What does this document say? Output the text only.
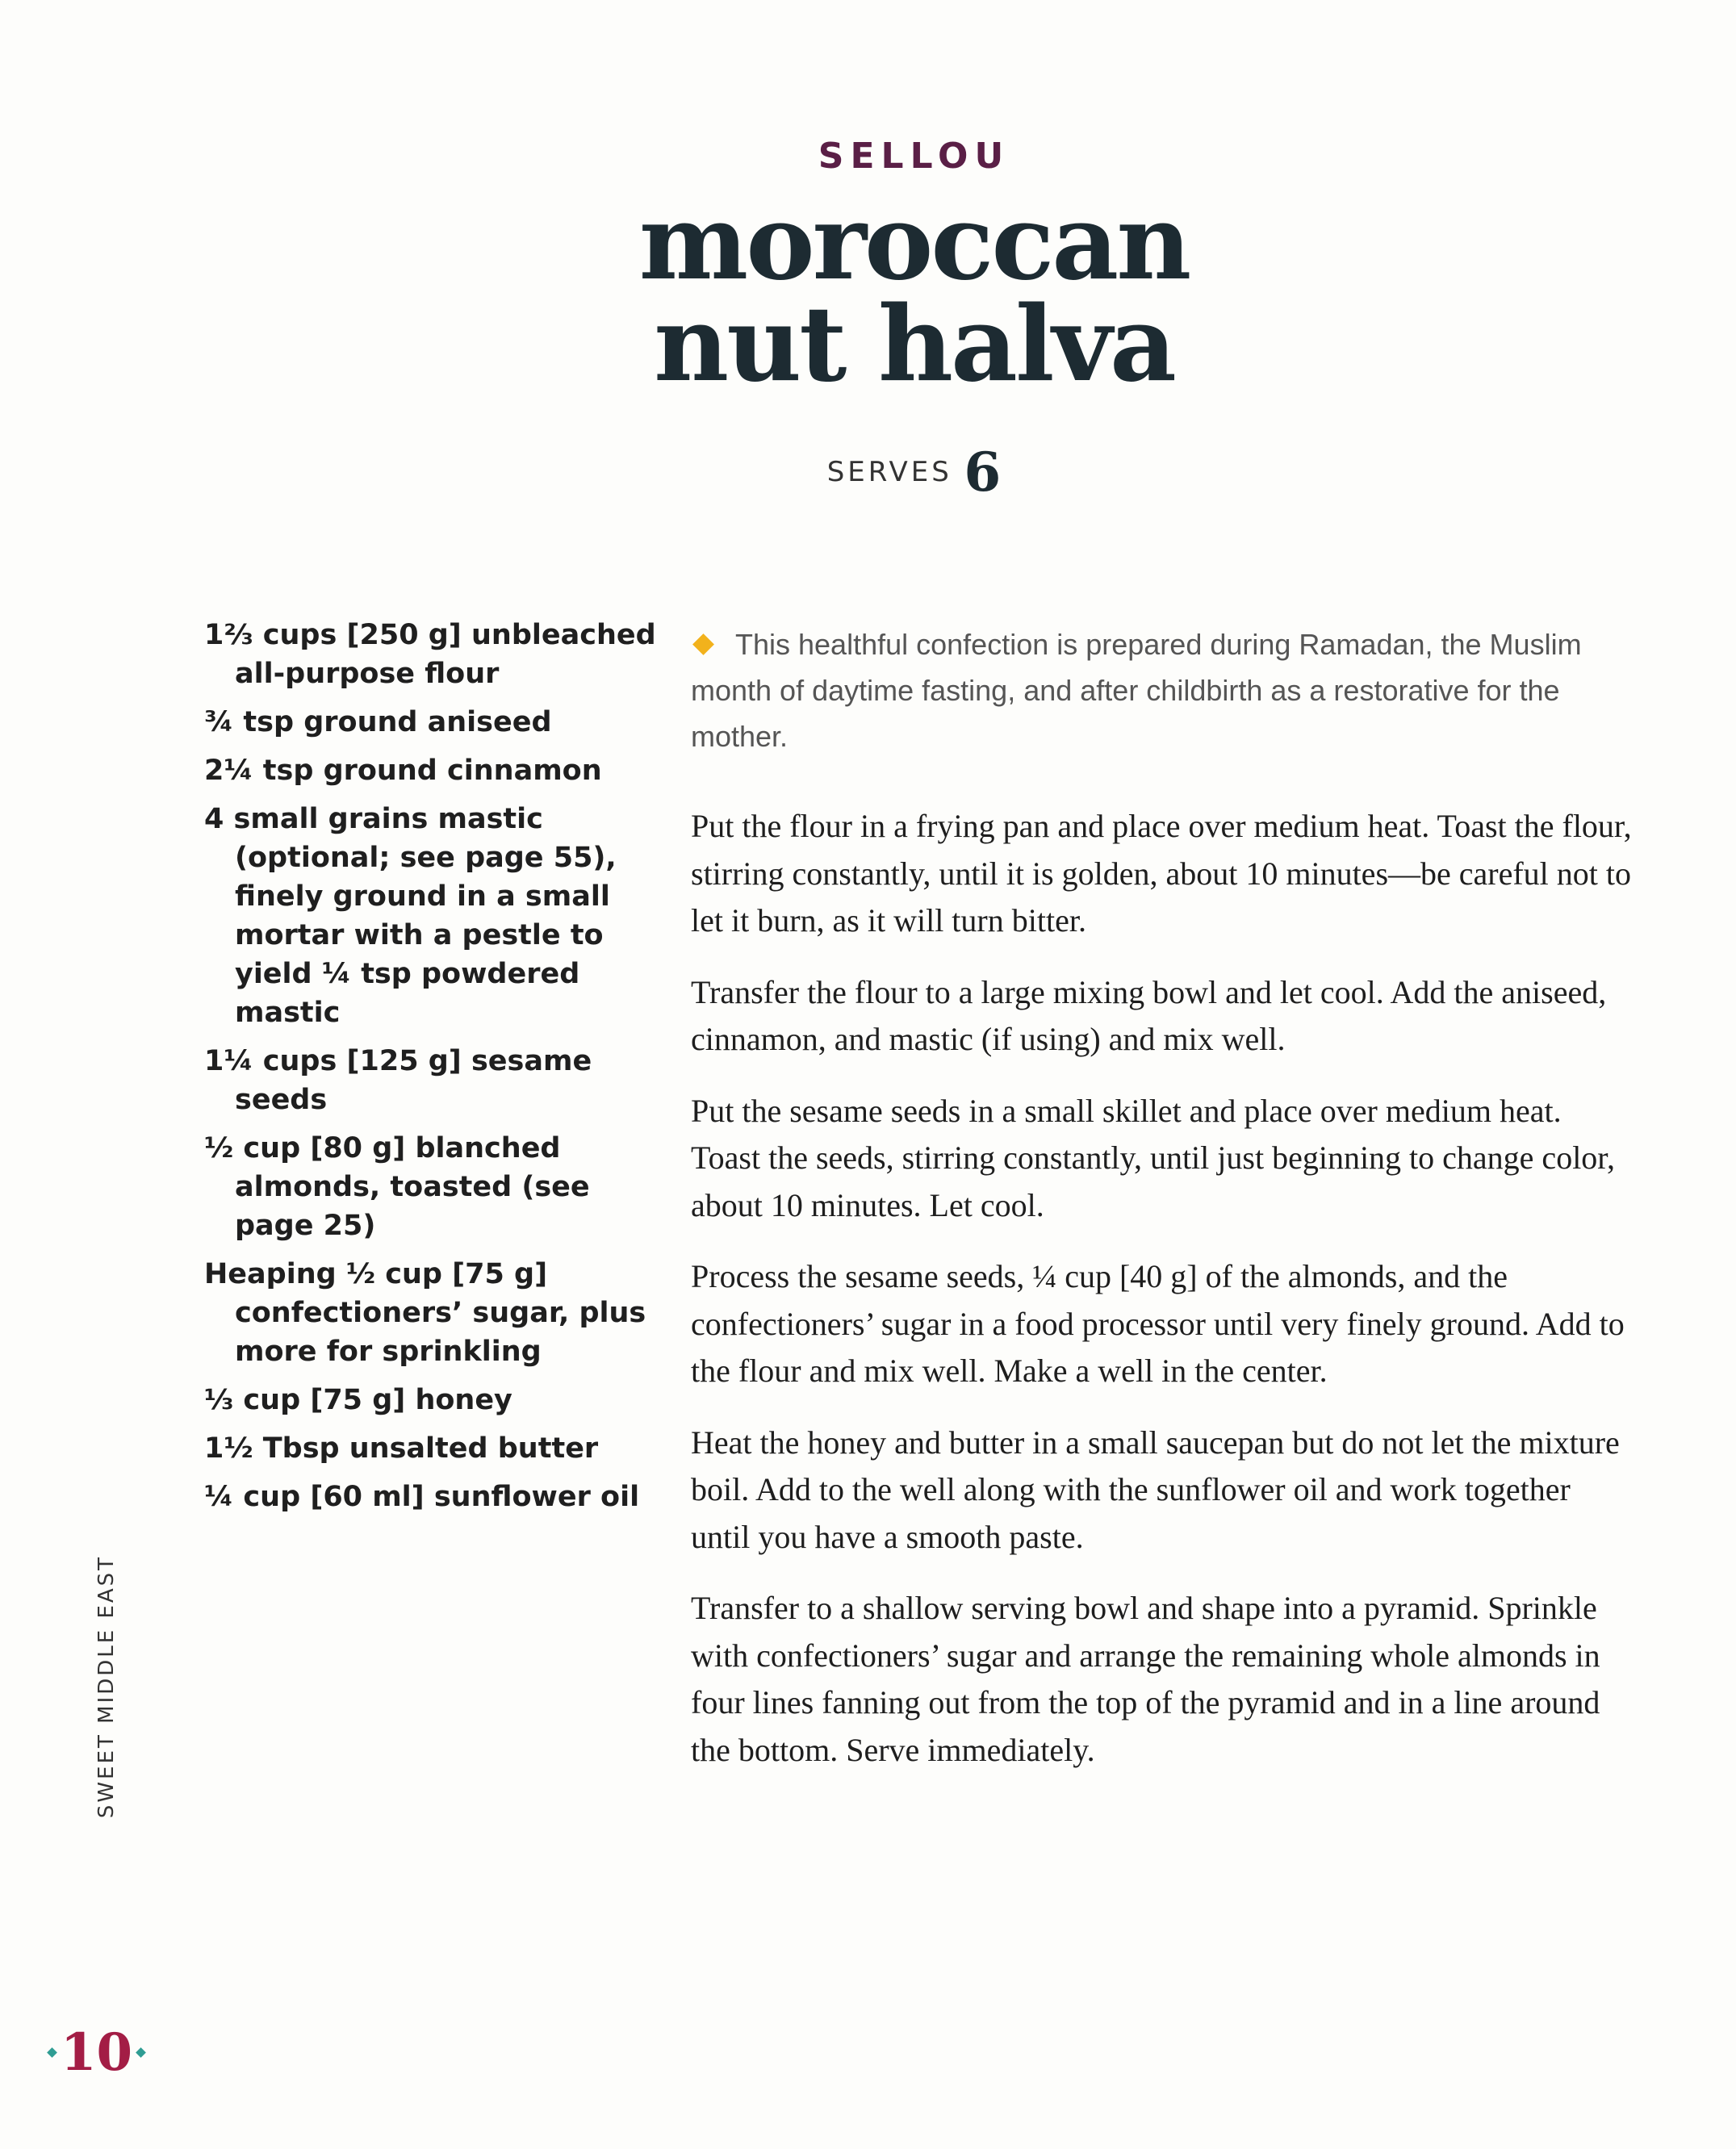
SELLOU
moroccan
nut halva
SERVES 6
1⅔ cups [250 g] unbleached all-purpose flour
¾ tsp ground aniseed
2¼ tsp ground cinnamon
4 small grains mastic (optional; see page 55), finely ground in a small mortar with a pestle to yield ¼ tsp powdered mastic
1¼ cups [125 g] sesame seeds
½ cup [80 g] blanched almonds, toasted (see page 25)
Heaping ½ cup [75 g] confectioners’ sugar, plus more for sprinkling
⅓ cup [75 g] honey
1½ Tbsp unsalted butter
¼ cup [60 ml] sunflower oil
This healthful confection is prepared during Ramadan, the Muslim month of daytime fasting, and after childbirth as a restorative for the mother.

Put the flour in a frying pan and place over medium heat. Toast the flour, stirring constantly, until it is golden, about 10 minutes—be careful not to let it burn, as it will turn bitter.

Transfer the flour to a large mixing bowl and let cool. Add the aniseed, cinnamon, and mastic (if using) and mix well.

Put the sesame seeds in a small skillet and place over medium heat. Toast the seeds, stirring constantly, until just beginning to change color, about 10 minutes. Let cool.

Process the sesame seeds, ¼ cup [40 g] of the almonds, and the confectioners’ sugar in a food processor until very finely ground. Add to the flour and mix well. Make a well in the center.

Heat the honey and butter in a small saucepan but do not let the mixture boil. Add to the well along with the sunflower oil and work together until you have a smooth paste.

Transfer to a shallow serving bowl and shape into a pyramid. Sprinkle with confectioners’ sugar and arrange the remaining whole almonds in four lines fanning out from the top of the pyramid and in a line around the bottom. Serve immediately.

SWEET MIDDLE EAST
10
